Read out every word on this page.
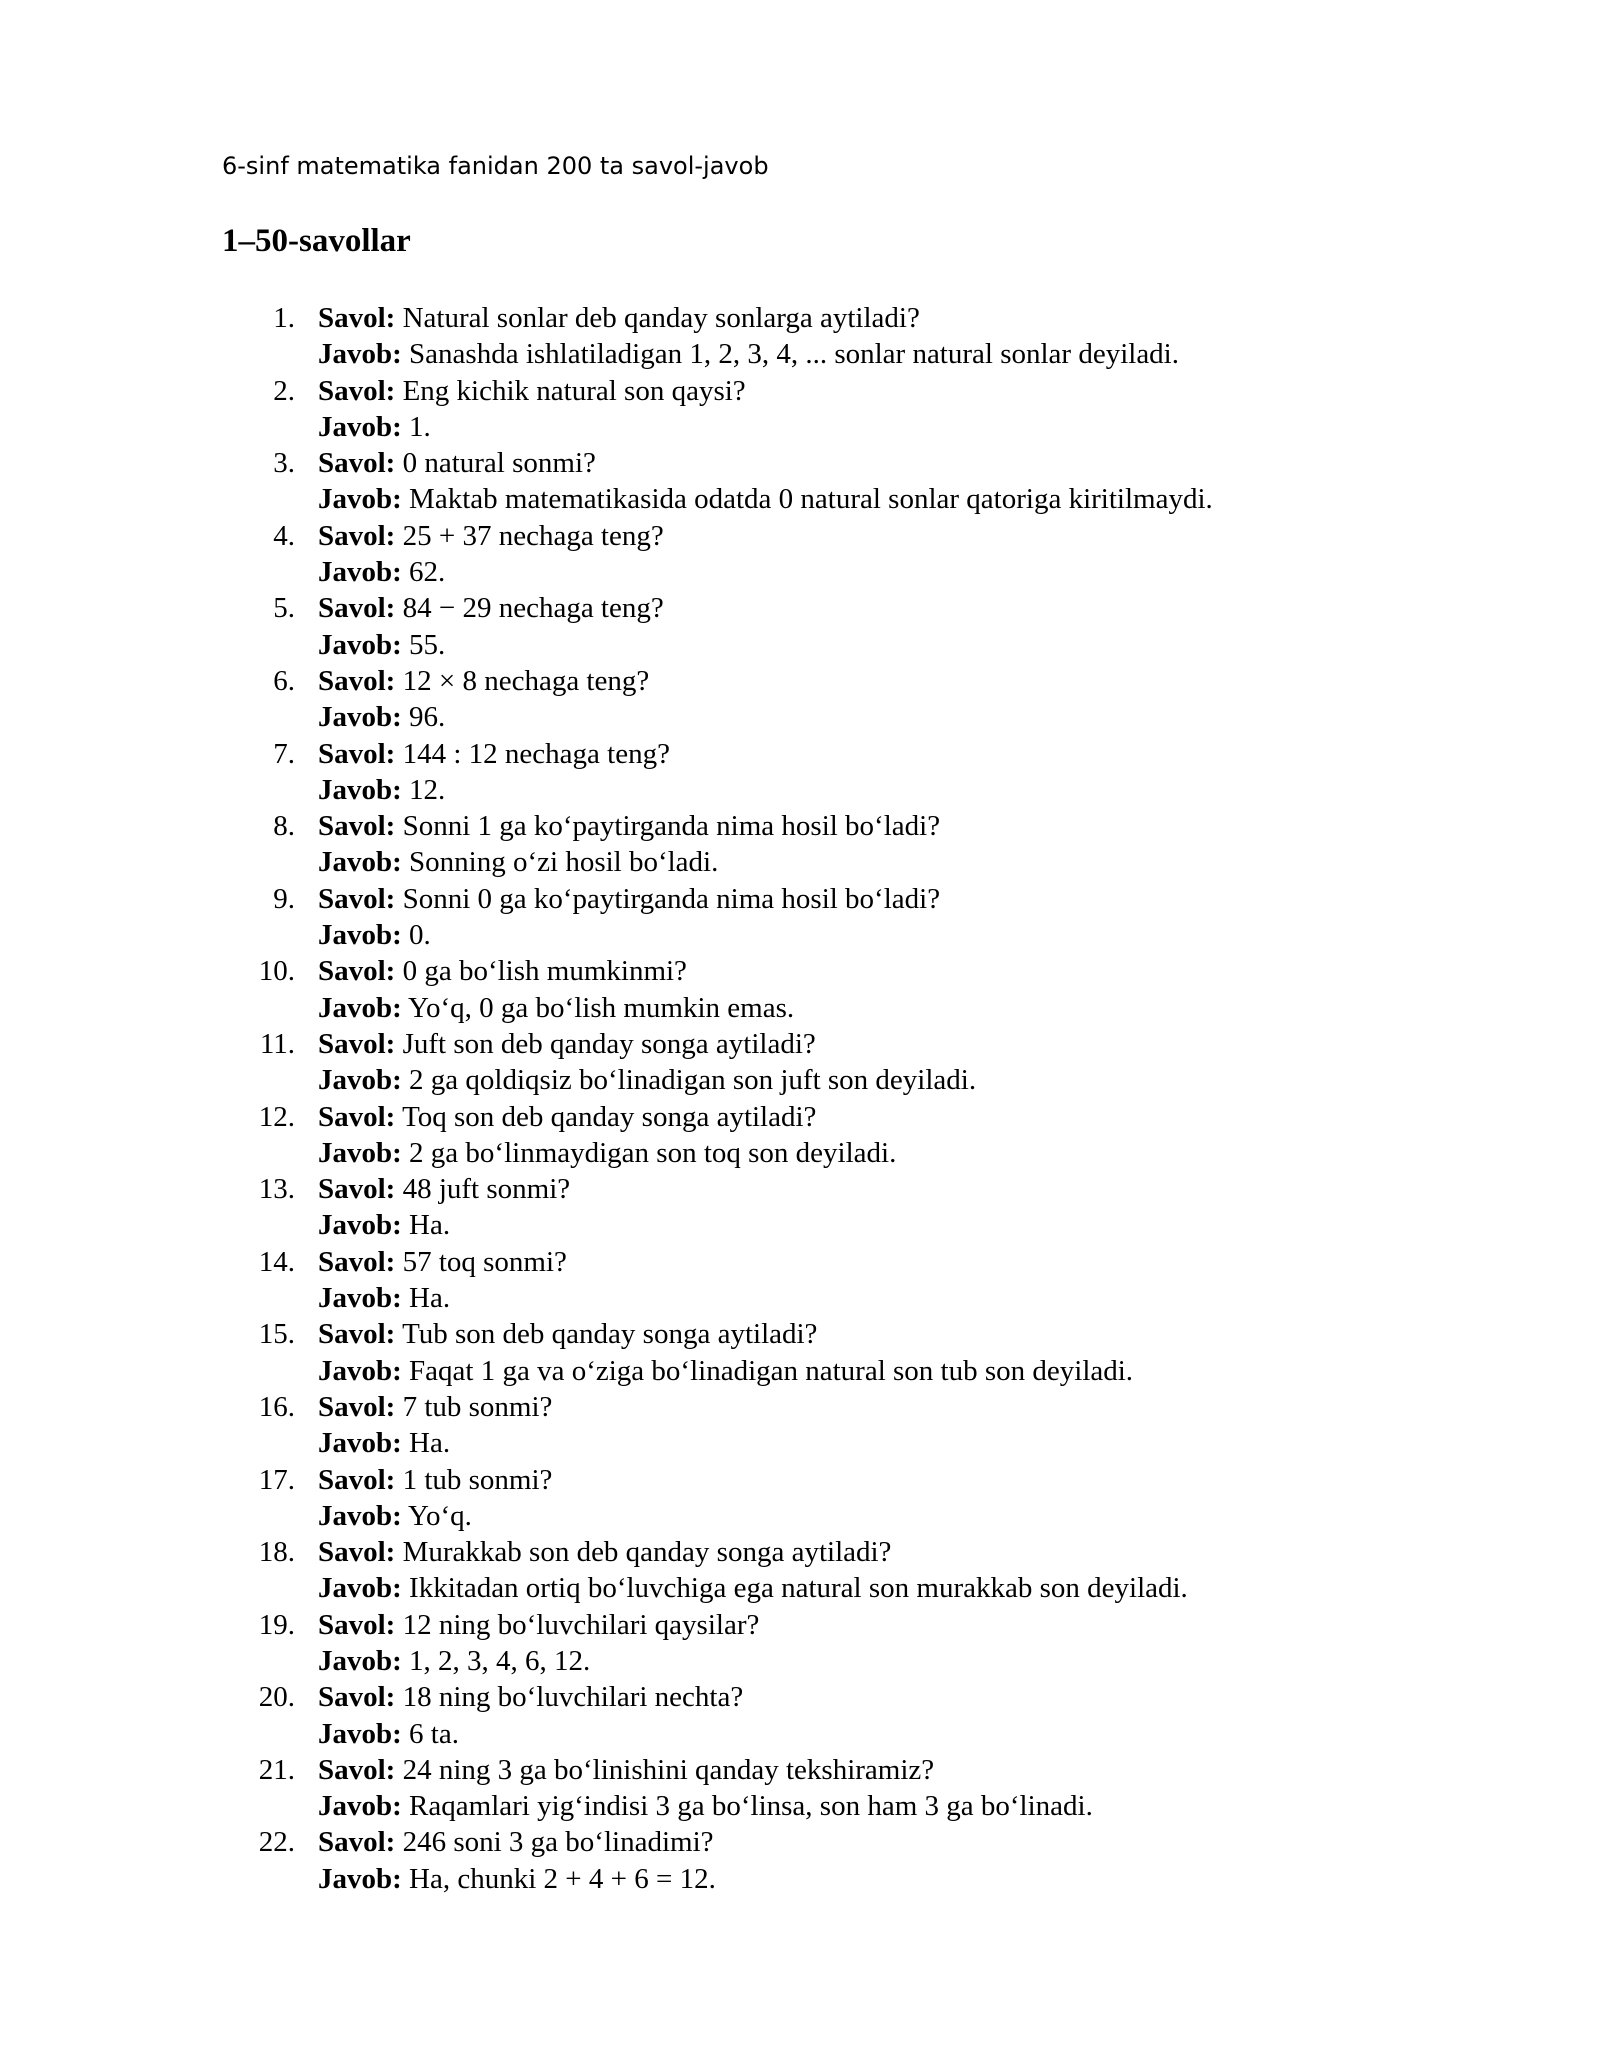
6-sinf matematika fanidan 200 ta savol-javob

1–50-savollar
1. Savol: Natural sonlar deb qanday sonlarga aytiladi?
Javob: Sanashda ishlatiladigan 1, 2, 3, 4, ... sonlar natural sonlar deyiladi.
2. Savol: Eng kichik natural son qaysi?
Javob: 1.
3. Savol: 0 natural sonmi?
Javob: Maktab matematikasida odatda 0 natural sonlar qatoriga kiritilmaydi.
4. Savol: 25 + 37 nechaga teng?
Javob: 62.
5. Savol: 84 − 29 nechaga teng?
Javob: 55.
6. Savol: 12 × 8 nechaga teng?
Javob: 96.
7. Savol: 144 : 12 nechaga teng?
Javob: 12.
8. Savol: Sonni 1 ga koʻpaytirganda nima hosil boʻladi?
Javob: Sonning oʻzi hosil boʻladi.
9. Savol: Sonni 0 ga koʻpaytirganda nima hosil boʻladi?
Javob: 0.
10. Savol: 0 ga boʻlish mumkinmi?
Javob: Yoʻq, 0 ga boʻlish mumkin emas.
11. Savol: Juft son deb qanday songa aytiladi?
Javob: 2 ga qoldiqsiz boʻlinadigan son juft son deyiladi.
12. Savol: Toq son deb qanday songa aytiladi?
Javob: 2 ga boʻlinmaydigan son toq son deyiladi.
13. Savol: 48 juft sonmi?
Javob: Ha.
14. Savol: 57 toq sonmi?
Javob: Ha.
15. Savol: Tub son deb qanday songa aytiladi?
Javob: Faqat 1 ga va oʻziga boʻlinadigan natural son tub son deyiladi.
16. Savol: 7 tub sonmi?
Javob: Ha.
17. Savol: 1 tub sonmi?
Javob: Yoʻq.
18. Savol: Murakkab son deb qanday songa aytiladi?
Javob: Ikkitadan ortiq boʻluvchiga ega natural son murakkab son deyiladi.
19. Savol: 12 ning boʻluvchilari qaysilar?
Javob: 1, 2, 3, 4, 6, 12.
20. Savol: 18 ning boʻluvchilari nechta?
Javob: 6 ta.
21. Savol: 24 ning 3 ga boʻlinishini qanday tekshiramiz?
Javob: Raqamlari yigʻindisi 3 ga boʻlinsa, son ham 3 ga boʻlinadi.
22. Savol: 246 soni 3 ga boʻlinadimi?
Javob: Ha, chunki 2 + 4 + 6 = 12.
